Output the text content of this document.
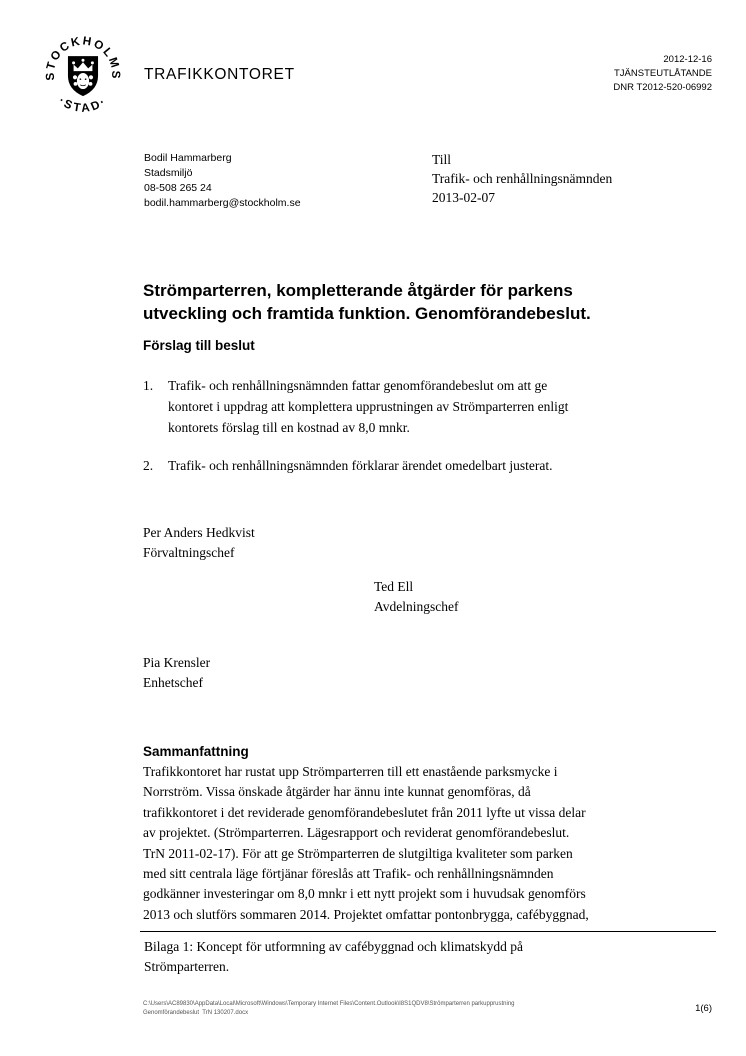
STOCKHOLMS
·STAD·
TRAFIKKONTORET
2012-12-16
TJÄNSTEUTLÅTANDE
DNR T2012-520-06992
Bodil Hammarberg
Stadsmiljö
08-508 265 24
bodil.hammarberg@stockholm.se
Till
Trafik- och renhållningsnämnden
2013-02-07
Strömparterren, kompletterande åtgärder för parkens
utveckling och framtida funktion. Genomförandebeslut.
Förslag till beslut
1.	Trafik- och renhållningsnämnden fattar genomförandebeslut om att ge
kontoret i uppdrag att komplettera upprustningen av Strömparterren enligt
kontorets förslag till en kostnad av 8,0 mnkr.
2.	Trafik- och renhållningsnämnden förklarar ärendet omedelbart justerat.
Per Anders Hedkvist
Förvaltningschef
Ted Ell
Avdelningschef
Pia Krensler
Enhetschef
Sammanfattning
Trafikkontoret har rustat upp Strömparterren till ett enastående parksmycke i
Norrström. Vissa önskade åtgärder har ännu inte kunnat genomföras, då
trafikkontoret i det reviderade genomförandebeslutet från 2011 lyfte ut vissa delar
av projektet. (Strömparterren. Lägesrapport och reviderat genomförandebeslut.
TrN 2011-02-17). För att ge Strömparterren de slutgiltiga kvaliteter som parken
med sitt centrala läge förtjänar föreslås att Trafik- och renhållningsnämnden
godkänner investeringar om 8,0 mnkr i ett nytt projekt som i huvudsak genomförs
2013 och slutförs sommaren 2014. Projektet omfattar pontonbrygga, cafébyggnad,
Bilaga 1: Koncept för utformning av cafébyggnad och klimatskydd på
Strömparterren.
C:\Users\AC89830\AppData\Local\Microsoft\Windows\Temporary Internet Files\Content.Outlook\I8S1QDV8\Strömparterren parkupprustning
Genomförandebeslut  TrN 130207.docx	1(6)
